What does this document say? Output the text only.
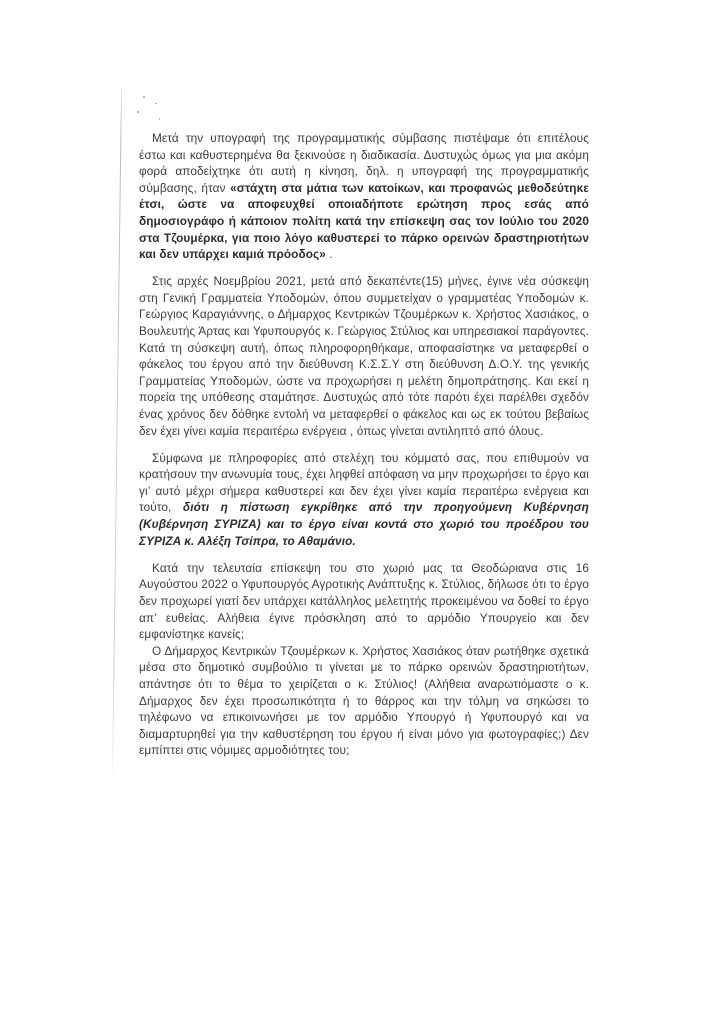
Μετά την υπογραφή της προγραμματικής σύμβασης πιστέψαμε ότι επιτέλους έστω και καθυστερημένα θα ξεκινούσε η διαδικασία. Δυστυχώς όμως για μια ακόμη φορά αποδείχτηκε ότι αυτή η κίνηση, δηλ. η υπογραφή της προγραμματικής σύμβασης, ήταν «στάχτη στα μάτια των κατοίκων, και προφανώς μεθοδεύτηκε έτσι, ώστε να αποφευχθεί οποιαδήποτε ερώτηση προς εσάς από δημοσιογράφο ή κάποιον πολίτη κατά την επίσκεψη σας τον Ιούλιο του 2020 στα Τζουμέρκα, για ποιο λόγο καθυστερεί το πάρκο ορεινών δραστηριοτήτων και δεν υπάρχει καμιά πρόοδος» .

Στις αρχές Νοεμβρίου 2021, μετά από δεκαπέντε(15) μήνες, έγινε νέα σύσκεψη στη Γενική Γραμματεία Υποδομών, όπου συμμετείχαν ο γραμματέας Υποδομών κ. Γεώργιος Καραγιάννης, ο Δήμαρχος Κεντρικών Τζουμέρκων κ. Χρήστος Χασιάκος, ο Βουλευτής Άρτας και Υφυπουργός κ. Γεώργιος Στύλιος και υπηρεσιακοί παράγοντες. Κατά τη σύσκεψη αυτή, όπως πληροφορηθήκαμε, αποφασίστηκε να μεταφερθεί ο φάκελος του έργου από την διεύθυνση Κ.Σ.Σ.Υ στη διεύθυνση Δ.Ο.Υ. της γενικής Γραμματείας Υποδομών, ώστε να προχωρήσει η μελέτη δημοπράτησης. Και εκεί η πορεία της υπόθεσης σταμάτησε. Δυστυχώς από τότε παρότι έχει παρέλθει σχεδόν ένας χρόνος δεν δόθηκε εντολή να μεταφερθεί ο φάκελος και ως εκ τούτου βεβαίως δεν έχει γίνει καμία περαιτέρω ενέργεια , όπως γίνεται αντιληπτό από όλους.

Σύμφωνα με πληροφορίες από στελέχη του κόμματό σας, που επιθυμούν να κρατήσουν την ανωνυμία τους, έχει ληφθεί απόφαση να μην προχωρήσει το έργο και γι’ αυτό μέχρι σήμερα καθυστερεί και δεν έχει γίνει καμία περαιτέρω ενέργεια και τούτο, διότι η πίστωση εγκρίθηκε από την προηγούμενη Κυβέρνηση (Κυβέρνηση ΣΥΡΙΖΑ) και το έργο είναι κοντά στο χωριό του προέδρου του ΣΥΡΙΖΑ κ. Αλέξη Τσίπρα, το Αθαμάνιο.

Κατά την τελευταία επίσκεψη του στο χωριό μας τα Θεοδώριανα στις 16 Αυγούστου 2022 ο Υφυπουργός Αγροτικής Ανάπτυξης κ. Στύλιος, δήλωσε ότι το έργο δεν προχωρεί γιατί δεν υπάρχει κατάλληλος μελετητής προκειμένου να δοθεί το έργο απ’ ευθείας. Αλήθεια έγινε πρόσκληση από το αρμόδιο Υπουργείο και δεν εμφανίστηκε κανείς;

Ο Δήμαρχος Κεντρικών Τζουμέρκων κ. Χρήστος Χασιάκος όταν ρωτήθηκε σχετικά μέσα στο δημοτικό συμβούλιο τι γίνεται με το πάρκο ορεινών δραστηριοτήτων, απάντησε ότι το θέμα το χειρίζεται ο κ. Στύλιος! (Αλήθεια αναρωτιόμαστε ο κ. Δήμαρχος δεν έχει προσωπικότητα ή το θάρρος και την τόλμη να σηκώσει το τηλέφωνο να επικοινωνήσει με τον αρμόδιο Υπουργό ή Υφυπουργό και να διαμαρτυρηθεί για την καθυστέρηση του έργου ή είναι μόνο για φωτογραφίες;) Δεν εμπίπτει στις νόμιμες αρμοδιότητες του;
